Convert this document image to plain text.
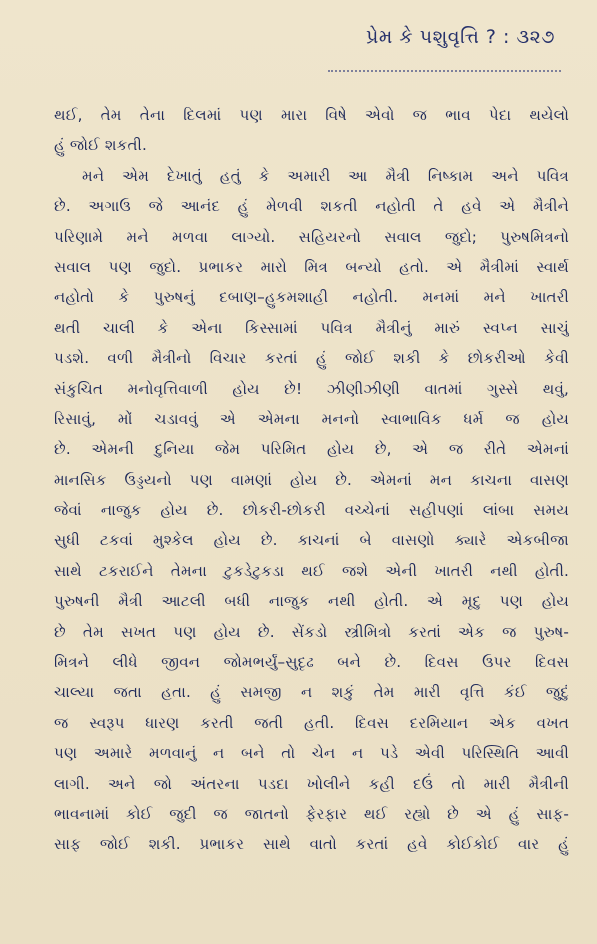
પ્રેમ કે પશુવૃત્તિ ? : ૩૨૭
થઈ, તેમ તેના દિલમાં પણ મારા વિષે એવો જ ભાવ પેદા થયેલો
હું જોઈ શકતી.
મને એમ દેખાતું હતું કે અમારી આ મૈત્રી નિષ્કામ અને પવિત્ર
છે. અગાઉ જે આનંદ હું મેળવી શકતી નહોતી તે હવે એ મૈત્રીને
પરિણામે મને મળવા લાગ્યો. સહિયરનો સવાલ જુદો; પુરુષમિત્રનો
સવાલ પણ જુદો. પ્રભાકર મારો મિત્ર બન્યો હતો. એ મૈત્રીમાં સ્વાર્થ
નહોતો કે પુરુષનું દબાણ–હુકમશાહી નહોતી. મનમાં મને ખાતરી
થતી ચાલી કે એના કિસ્સામાં પવિત્ર મૈત્રીનું મારું સ્વપ્ન સાચું
પડશે. વળી મૈત્રીનો વિચાર કરતાં હું જોઈ શકી કે છોકરીઓ કેવી
સંકુચિત મનોવૃત્તિવાળી હોય છે! ઝીણીઝીણી વાતમાં ગુસ્સે થવું,
રિસાવું, મોં ચડાવવું એ એમના મનનો સ્વાભાવિક ધર્મ જ હોય
છે. એમની દુનિયા જેમ પરિમિત હોય છે, એ જ રીતે એમનાં
માનસિક ઉડ્ડયનો પણ વામણાં હોય છે. એમનાં મન કાચના વાસણ
જેવાં નાજુક હોય છે. છોકરી-છોકરી વચ્ચેનાં સહીપણાં લાંબા સમય
સુધી ટકવાં મુશ્કેલ હોય છે. કાચનાં બે વાસણો ક્યારે એકબીજા
સાથે ટકરાઈને તેમના ટુકડેટુકડા થઈ જશે એની ખાતરી નથી હોતી.
પુરુષની મૈત્રી આટલી બધી નાજુક નથી હોતી. એ મૃદુ પણ હોય
છે તેમ સખત પણ હોય છે. સેંકડો સ્ત્રીમિત્રો કરતાં એક જ પુરુષ-
મિત્રને લીધે જીવન જોમભર્યું–સુદૃઢ બને છે. દિવસ ઉપર દિવસ
ચાલ્યા જતા હતા. હું સમજી ન શકું તેમ મારી વૃત્તિ કંઈ જુદું
જ સ્વરૂપ ધારણ કરતી જતી હતી. દિવસ દરમિયાન એક વખત
પણ અમારે મળવાનું ન બને તો ચેન ન પડે એવી પરિસ્થિતિ આવી
લાગી. અને જો અંતરના પડદા ખોલીને કહી દઉં તો મારી મૈત્રીની
ભાવનામાં કોઈ જુદી જ જાતનો ફેરફાર થઈ રહ્યો છે એ હું સાફ-
સાફ જોઈ શકી. પ્રભાકર સાથે વાતો કરતાં હવે કોઈકોઈ વાર હું
